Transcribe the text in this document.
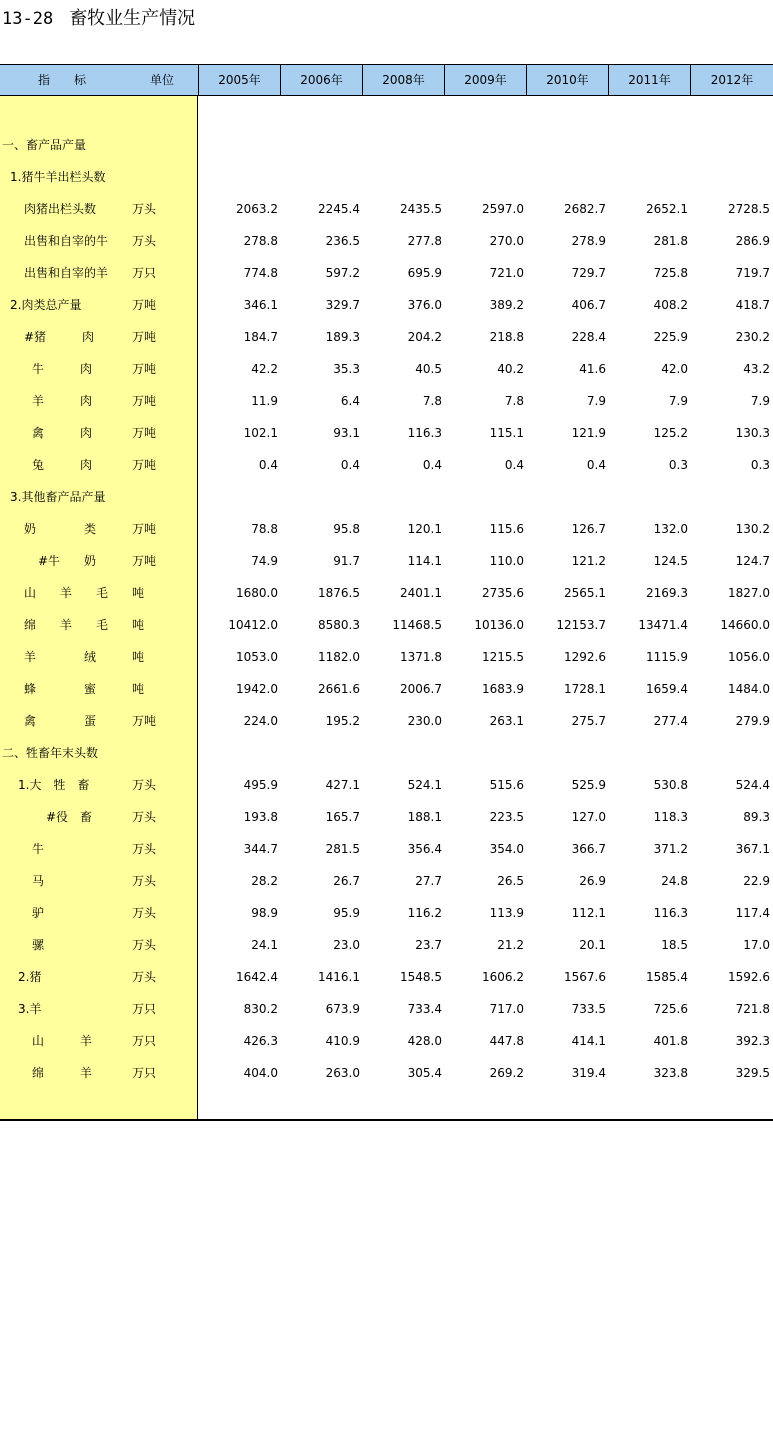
13-28 畜牧业生产情况
指　　标	单位	2005年	2006年	2008年	2009年	2010年	2011年	2012年
一、畜产品产量
1.猪牛羊出栏头数
肉猪出栏头数	万头	2063.2	2245.4	2435.5	2597.0	2682.7	2652.1	2728.5
出售和自宰的牛 万头	278.8	236.5	277.8	270.0	278.9	281.8	286.9
出售和自宰的羊 万只	774.8	597.2	695.9	721.0	729.7	725.8	719.7
2.肉类总产量	万吨	346.1	329.7	376.0	389.2	406.7	408.2	418.7
#猪　　　肉	万吨	184.7	189.3	204.2	218.8	228.4	225.9	230.2
牛　　　肉	万吨	42.2	35.3	40.5	40.2	41.6	42.0	43.2
羊　　　肉	万吨	11.9	6.4	7.8	7.8	7.9	7.9	7.9
禽　　　肉	万吨	102.1	93.1	116.3	115.1	121.9	125.2	130.3
兔　　　肉	万吨	0.4	0.4	0.4	0.4	0.4	0.3	0.3
3.其他畜产品产量
奶　　　　类	万吨	78.8	95.8	120.1	115.6	126.7	132.0	130.2
#牛　　奶	万吨	74.9	91.7	114.1	110.0	121.2	124.5	124.7
山　　羊　　毛 吨	1680.0	1876.5	2401.1	2735.6	2565.1	2169.3	1827.0
绵　　羊　　毛 吨	10412.0	8580.3	11468.5	10136.0	12153.7	13471.4	14660.0
羊　　　　绒	吨	1053.0	1182.0	1371.8	1215.5	1292.6	1115.9	1056.0
蜂　　　　蜜	吨	1942.0	2661.6	2006.7	1683.9	1728.1	1659.4	1484.0
禽　　　　蛋	万吨	224.0	195.2	230.0	263.1	275.7	277.4	279.9
二、牲畜年末头数
1.大　牲　畜	万头	495.9	427.1	524.1	515.6	525.9	530.8	524.4
#役　畜	万头	193.8	165.7	188.1	223.5	127.0	118.3	89.3
牛	万头	344.7	281.5	356.4	354.0	366.7	371.2	367.1
马	万头	28.2	26.7	27.7	26.5	26.9	24.8	22.9
驴	万头	98.9	95.9	116.2	113.9	112.1	116.3	117.4
骡	万头	24.1	23.0	23.7	21.2	20.1	18.5	17.0
2.猪	万头	1642.4	1416.1	1548.5	1606.2	1567.6	1585.4	1592.6
3.羊	万只	830.2	673.9	733.4	717.0	733.5	725.6	721.8
山　　　羊	万只	426.3	410.9	428.0	447.8	414.1	401.8	392.3
绵　　　羊	万只	404.0	263.0	305.4	269.2	319.4	323.8	329.5
